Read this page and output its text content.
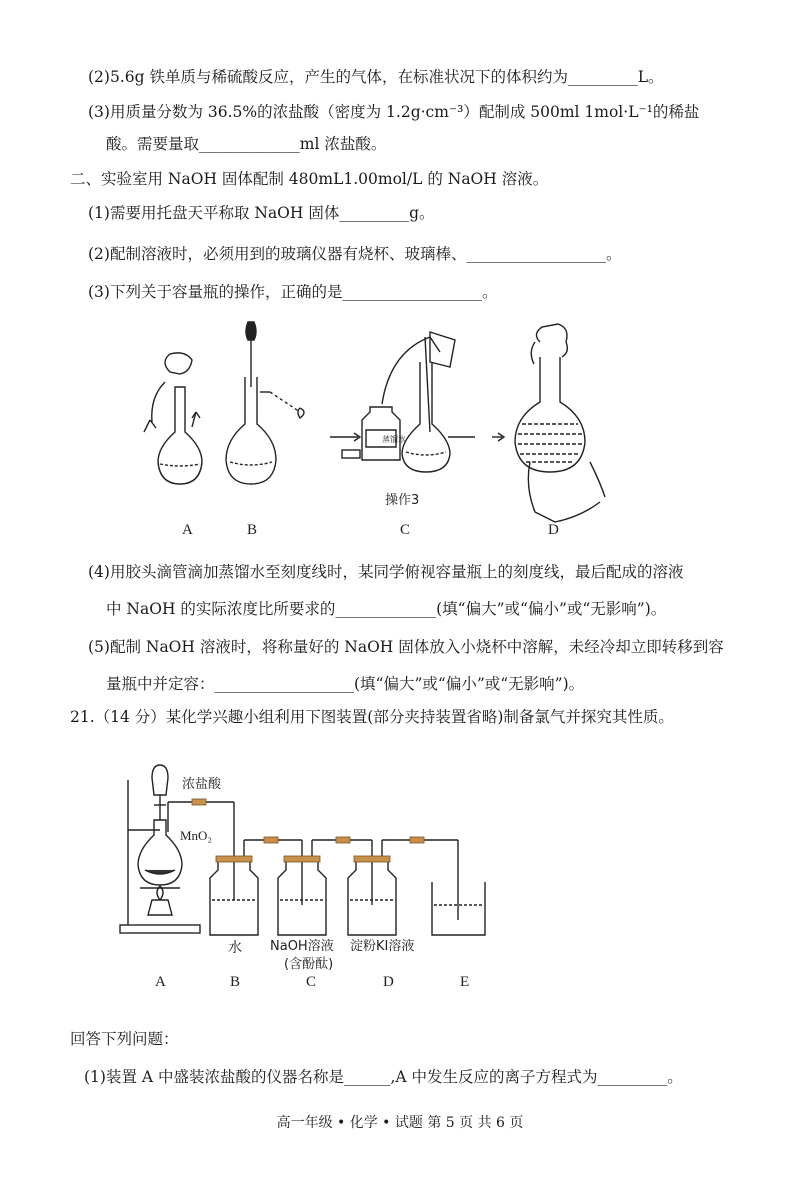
(2)5.6g 铁单质与稀硫酸反应，产生的气体，在标准状况下的体积约为_________L。
(3)用质量分数为 36.5%的浓盐酸（密度为 1.2g·cm⁻³）配制成 500ml 1mol·L⁻¹的稀盐
酸。需要量取_____________ml 浓盐酸。
二、实验室用 NaOH 固体配制 480mL1.00mol/L 的 NaOH 溶液。
(1)需要用托盘天平称取 NaOH 固体_________g。
(2)配制溶液时，必须用到的玻璃仪器有烧杯、玻璃棒、__________________。
(3)下列关于容量瓶的操作，正确的是__________________。
蒸馏水
操作3
A	B	C	D
(4)用胶头滴管滴加蒸馏水至刻度线时，某同学俯视容量瓶上的刻度线，最后配成的溶液
中 NaOH 的实际浓度比所要求的_____________(填“偏大”或“偏小”或“无影响”)。
(5)配制 NaOH 溶液时，将称量好的 NaOH 固体放入小烧杯中溶解，未经冷却立即转移到容
量瓶中并定容：__________________(填“偏大”或“偏小”或“无影响”)。
21.（14 分）某化学兴趣小组利用下图装置(部分夹持装置省略)制备氯气并探究其性质。
浓盐酸
MnO₂
水 NaOH溶液
(含酚酞)
淀粉KI溶液
A	B	C	D	E
回答下列问题：
(1)装置 A 中盛装浓盐酸的仪器名称是______,A 中发生反应的离子方程式为_________。
高一年级 • 化学 • 试题 第 5 页 共 6 页
